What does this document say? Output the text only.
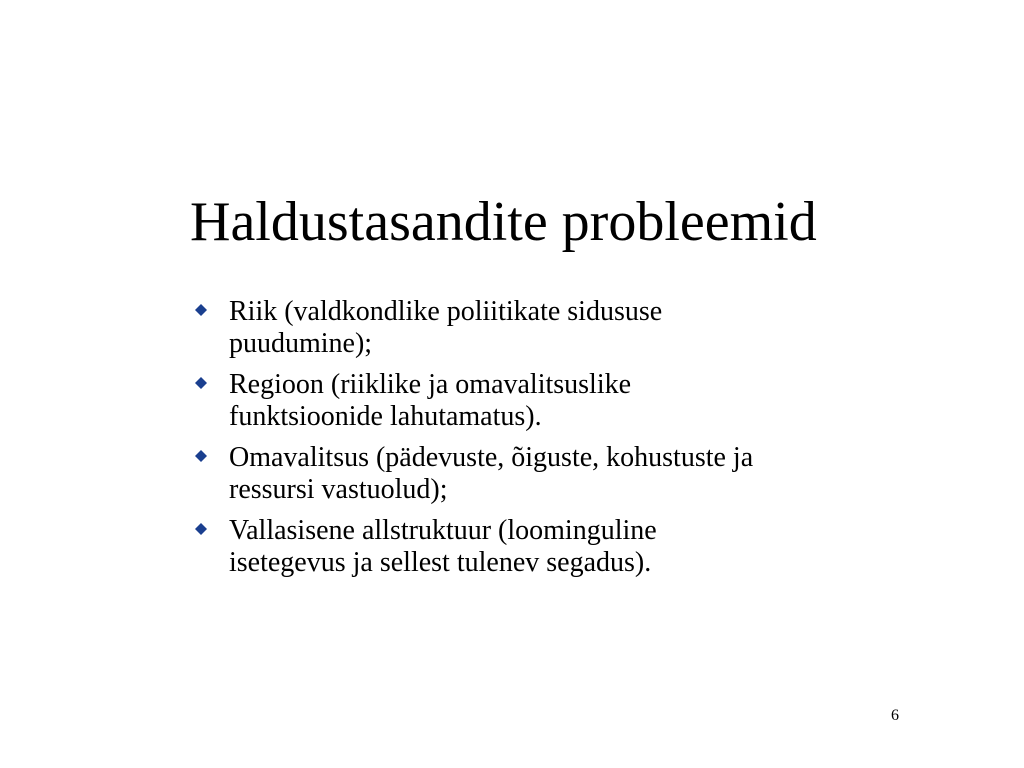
Haldustasandite probleemid
Riik (valdkondlike poliitikate sidususe
puudumine);
Regioon (riiklike ja omavalitsuslike
funktsioonide lahutamatus).
Omavalitsus (pädevuste, õiguste, kohustuste ja
ressursi vastuolud);
Vallasisene allstruktuur (loominguline
isetegevus ja sellest tulenev segadus).
6
